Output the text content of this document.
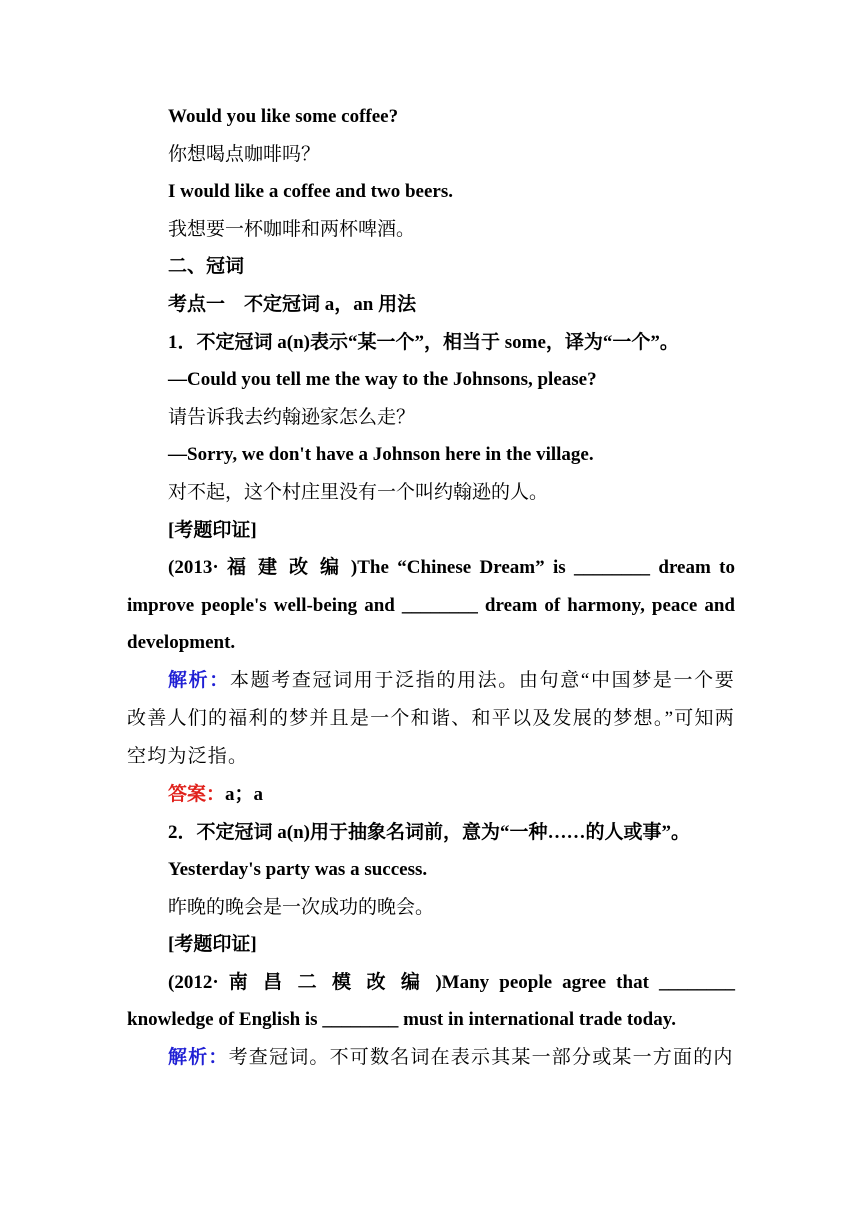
Would you like some coffee?

你想喝点咖啡吗？

I would like a coffee and two beers.

我想要一杯咖啡和两杯啤酒。

二、冠词

考点一　不定冠词 a，an 用法

1．不定冠词 a(n)表示“某一个”，相当于 some，译为“一个”。

—Could you tell me the way to the Johnsons, please?

请告诉我去约翰逊家怎么走？

—Sorry, we don't have a Johnson here in the village.

对不起，这个村庄里没有一个叫约翰逊的人。

[考题印证]

(2013· 福 建 改 编 )The “Chinese Dream” is ________ dream to improve people's well-being and ________ dream of harmony, peace and development.

解析：本题考查冠词用于泛指的用法。由句意“中国梦是一个要改善人们的福利的梦并且是一个和谐、和平以及发展的梦想。”可知两空均为泛指。

答案：a；a

2．不定冠词 a(n)用于抽象名词前，意为“一种……的人或事”。

Yesterday's party was a success.

昨晚的晚会是一次成功的晚会。

[考题印证]

(2012· 南 昌 二 模 改 编 )Many people agree that ________

knowledge of English is ________ must in international trade today.

解析：考查冠词。不可数名词在表示其某一部分或某一方面的内
